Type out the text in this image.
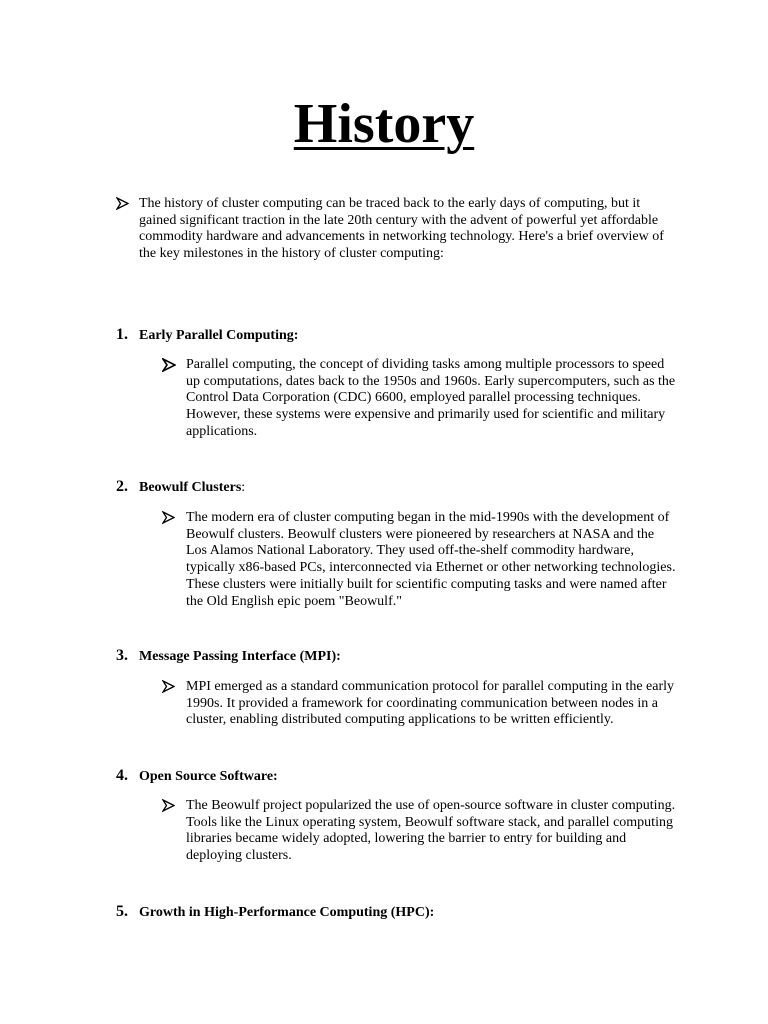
History

The history of cluster computing can be traced back to the early days of computing, but it gained significant traction in the late 20th century with the advent of powerful yet affordable commodity hardware and advancements in networking technology. Here's a brief overview of the key milestones in the history of cluster computing:

1. Early Parallel Computing:

Parallel computing, the concept of dividing tasks among multiple processors to speed up computations, dates back to the 1950s and 1960s. Early supercomputers, such as the Control Data Corporation (CDC) 6600, employed parallel processing techniques. However, these systems were expensive and primarily used for scientific and military applications.

2. Beowulf Clusters:

The modern era of cluster computing began in the mid-1990s with the development of Beowulf clusters. Beowulf clusters were pioneered by researchers at NASA and the Los Alamos National Laboratory. They used off-the-shelf commodity hardware, typically x86-based PCs, interconnected via Ethernet or other networking technologies. These clusters were initially built for scientific computing tasks and were named after the Old English epic poem "Beowulf."

3. Message Passing Interface (MPI):

MPI emerged as a standard communication protocol for parallel computing in the early 1990s. It provided a framework for coordinating communication between nodes in a cluster, enabling distributed computing applications to be written efficiently.

4. Open Source Software:

The Beowulf project popularized the use of open-source software in cluster computing. Tools like the Linux operating system, Beowulf software stack, and parallel computing libraries became widely adopted, lowering the barrier to entry for building and deploying clusters.

5. Growth in High-Performance Computing (HPC):
